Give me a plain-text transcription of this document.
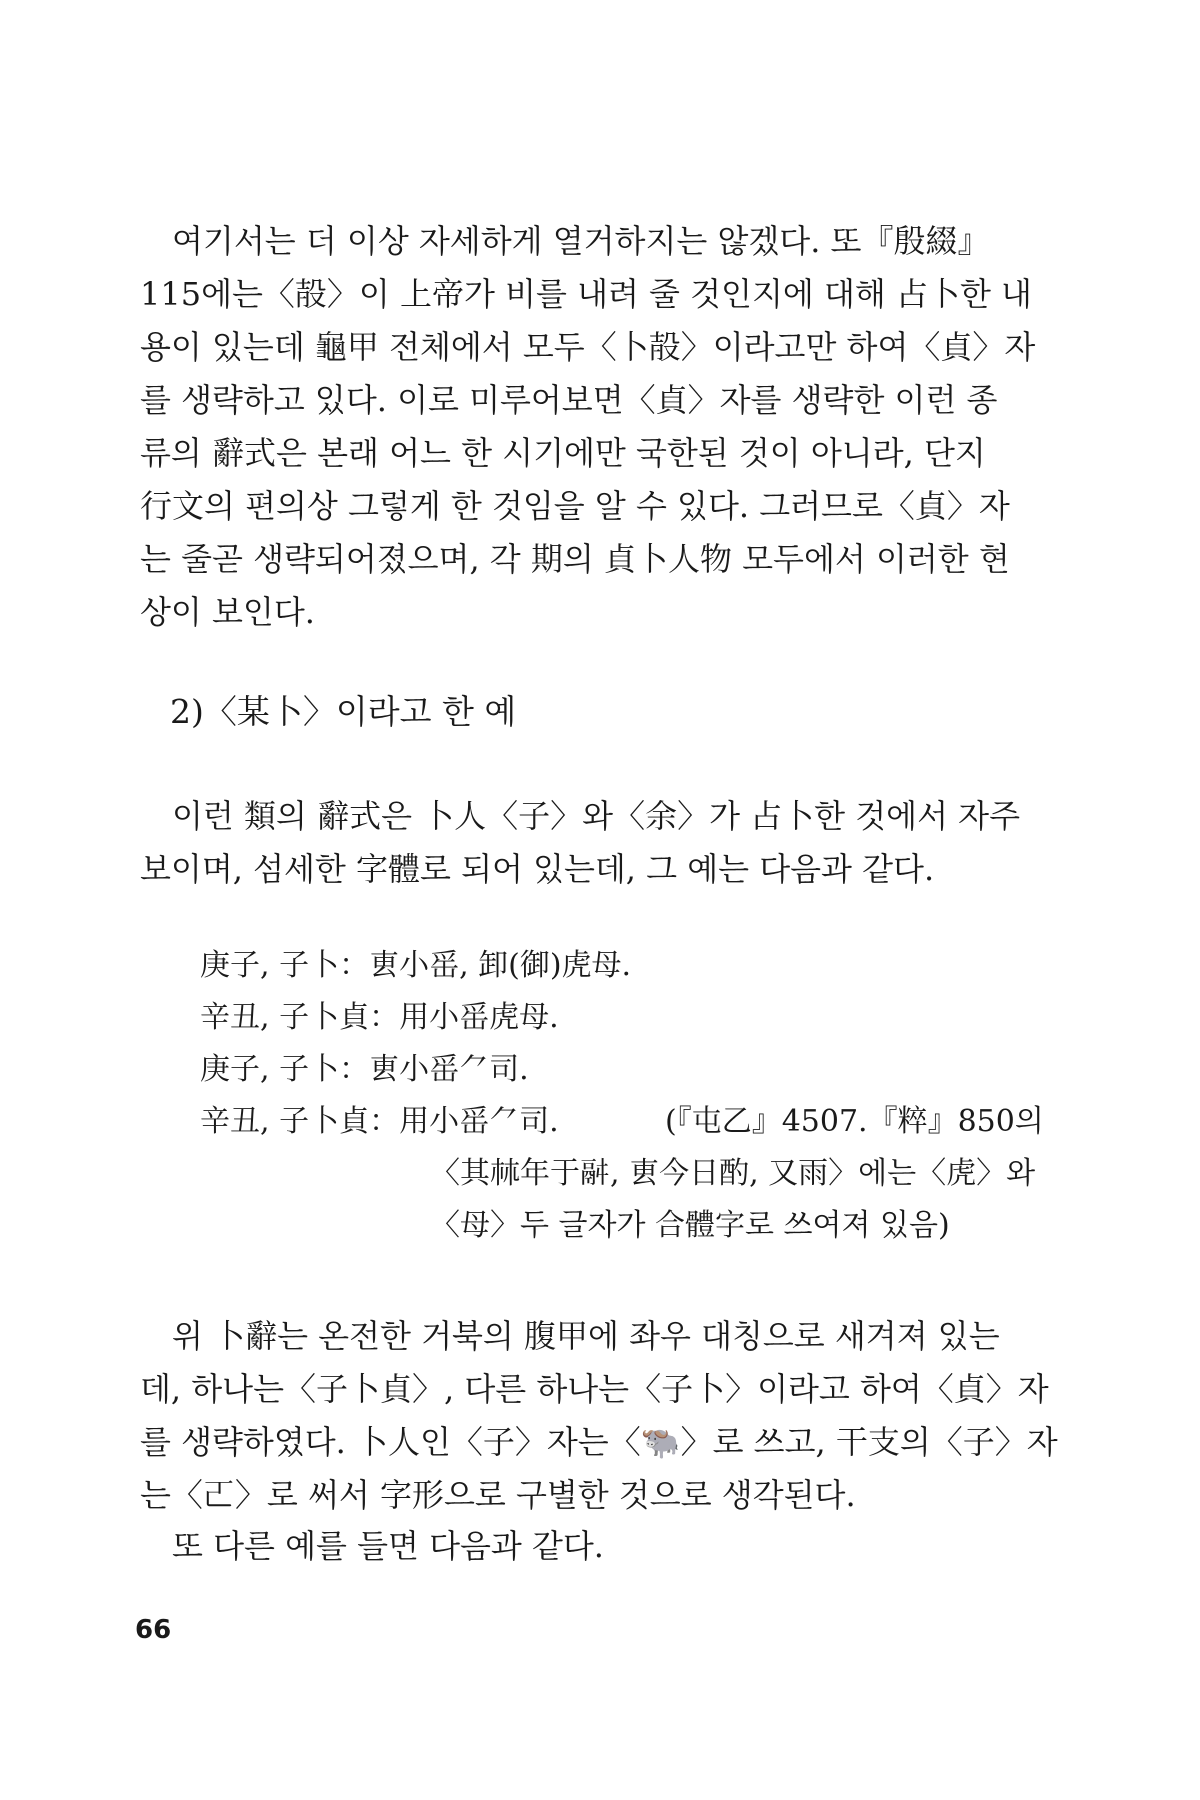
여기서는 더 이상 자세하게 열거하지는 않겠다. 또『殷綴』

115에는〈㱿〉이 上帝가 비를 내려 줄 것인지에 대해 占卜한 내

용이 있는데 龜甲 전체에서 모두〈卜㱿〉이라고만 하여〈貞〉자

를 생략하고 있다. 이로 미루어보면〈貞〉자를 생략한 이런 종

류의 辭式은 본래 어느 한 시기에만 국한된 것이 아니라, 단지

行文의 편의상 그렇게 한 것임을 알 수 있다. 그러므로〈貞〉자

는 줄곧 생략되어졌으며, 각 期의 貞卜人物 모두에서 이러한 현

상이 보인다.

2)〈某卜〉이라고 한 예

이런 類의 辭式은 卜人〈子〉와〈余〉가 占卜한 것에서 자주

보이며, 섬세한 字體로 되어 있는데, 그 예는 다음과 같다.

庚子, 子卜：叀小䍃, 卸(御)虎母.
辛丑, 子卜貞：用小䍃虎母.
庚子, 子卜：叀小䍃⺈司.
辛丑, 子卜貞：用小䍃⺈司.	(『屯乙』4507.『粹』850의
〈其𣏟年于𩰫, 叀今日酌, 又雨〉에는〈虎〉와
〈母〉두 글자가 合體字로 쓰여져 있음)

위 卜辭는 온전한 거북의 腹甲에 좌우 대칭으로 새겨져 있는

데, 하나는〈子卜貞〉, 다른 하나는〈子卜〉이라고 하여〈貞〉자

를 생략하였다. 卜人인〈子〉자는〈🐃〉로 쓰고, 干支의〈子〉자

는〈𠀀〉로 써서 字形으로 구별한 것으로 생각된다.

또 다른 예를 들면 다음과 같다.

66
